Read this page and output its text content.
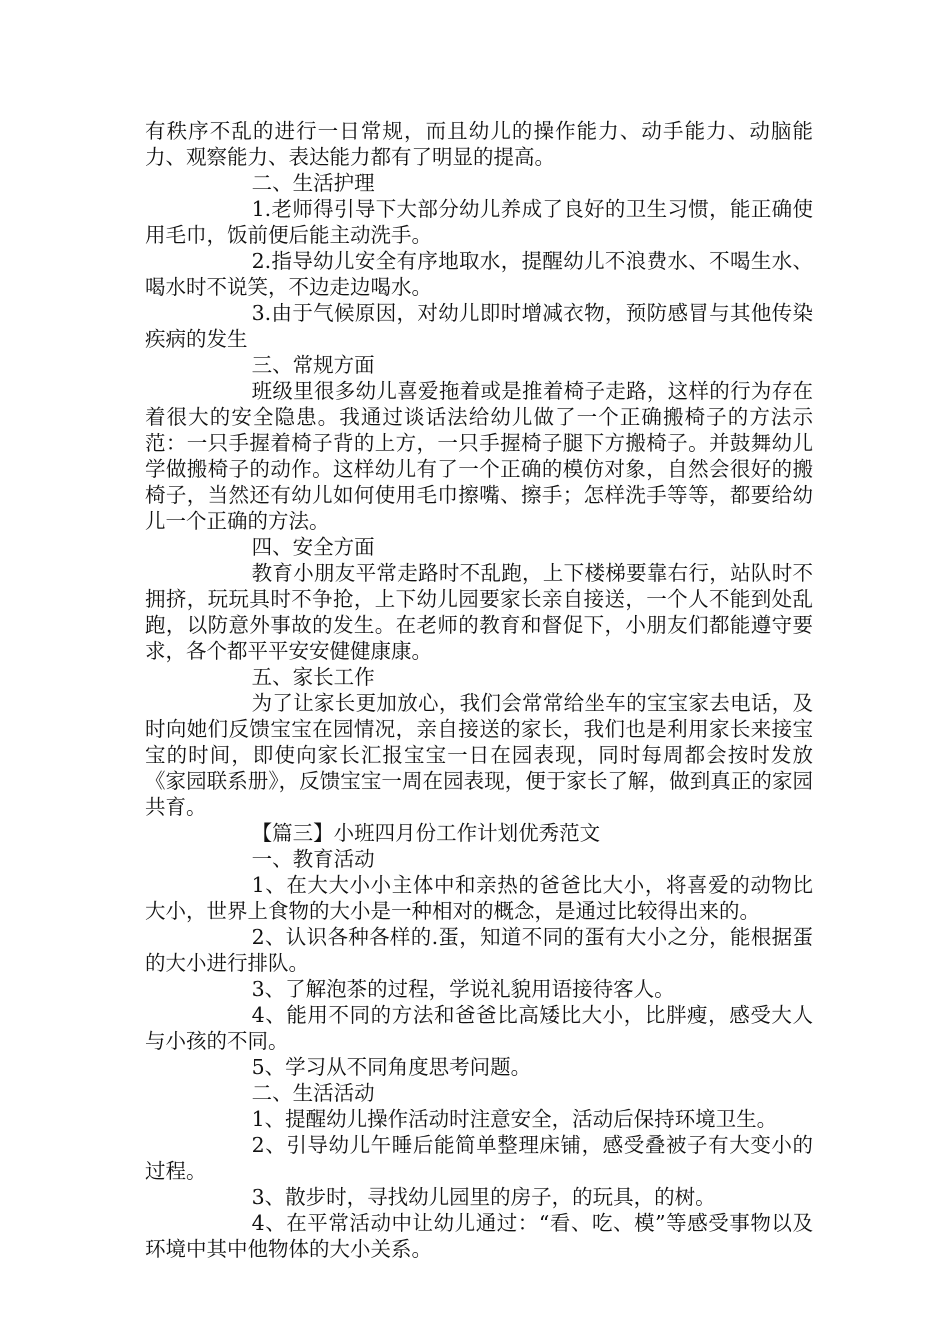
有秩序不乱的进行一日常规，而且幼儿的操作能力、动手能力、动脑能力、观察能力、表达能力都有了明显的提高。

二、生活护理

1.老师得引导下大部分幼儿养成了良好的卫生习惯，能正确使用毛巾，饭前便后能主动洗手。

2.指导幼儿安全有序地取水，提醒幼儿不浪费水、不喝生水、喝水时不说笑，不边走边喝水。

3.由于气候原因，对幼儿即时增减衣物，预防感冒与其他传染疾病的发生

三、常规方面

班级里很多幼儿喜爱拖着或是推着椅子走路，这样的行为存在着很大的安全隐患。我通过谈话法给幼儿做了一个正确搬椅子的方法示范：一只手握着椅子背的上方，一只手握椅子腿下方搬椅子。并鼓舞幼儿学做搬椅子的动作。这样幼儿有了一个正确的模仿对象，自然会很好的搬椅子，当然还有幼儿如何使用毛巾擦嘴、擦手；怎样洗手等等，都要给幼儿一个正确的方法。

四、安全方面

教育小朋友平常走路时不乱跑，上下楼梯要靠右行，站队时不拥挤，玩玩具时不争抢，上下幼儿园要家长亲自接送，一个人不能到处乱跑，以防意外事故的发生。在老师的教育和督促下，小朋友们都能遵守要求，各个都平平安安健健康康。

五、家长工作

为了让家长更加放心，我们会常常给坐车的宝宝家去电话，及时向她们反馈宝宝在园情况，亲自接送的家长，我们也是利用家长来接宝宝的时间，即使向家长汇报宝宝一日在园表现，同时每周都会按时发放《家园联系册》，反馈宝宝一周在园表现，便于家长了解，做到真正的家园共育。

【篇三】小班四月份工作计划优秀范文

一、教育活动

1、在大大小小主体中和亲热的爸爸比大小，将喜爱的动物比大小，世界上食物的大小是一种相对的概念，是通过比较得出来的。

2、认识各种各样的.蛋，知道不同的蛋有大小之分，能根据蛋的大小进行排队。

3、了解泡茶的过程，学说礼貌用语接待客人。

4、能用不同的方法和爸爸比高矮比大小，比胖瘦，感受大人与小孩的不同。

5、学习从不同角度思考问题。

二、生活活动

1、提醒幼儿操作活动时注意安全，活动后保持环境卫生。

2、引导幼儿午睡后能简单整理床铺，感受叠被子有大变小的过程。

3、散步时，寻找幼儿园里的房子，的玩具，的树。

4、在平常活动中让幼儿通过：“看、吃、模”等感受事物以及环境中其中他物体的大小关系。
